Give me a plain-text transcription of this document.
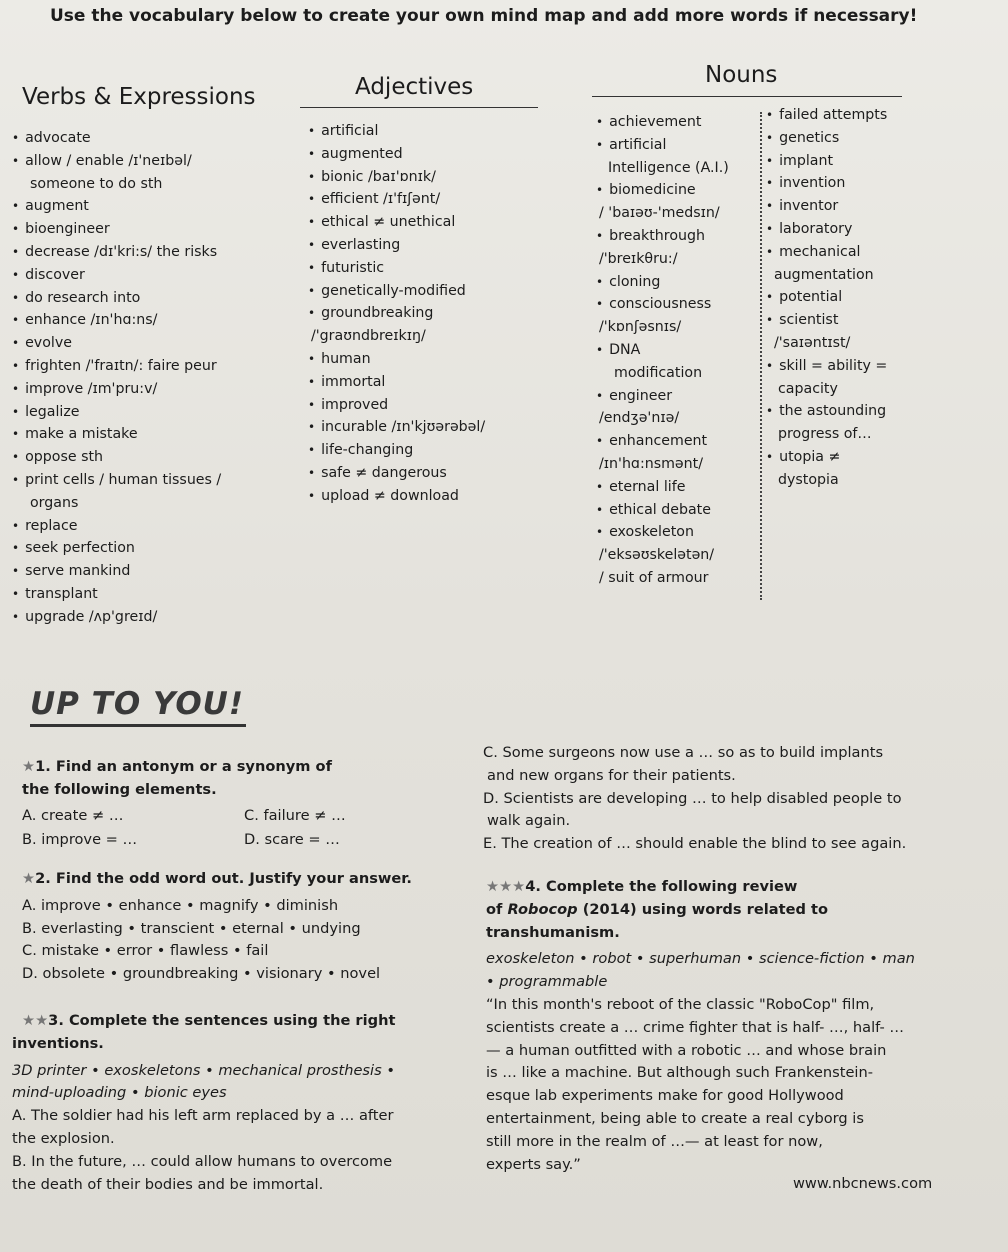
Use the vocabulary below to create your own mind map and add more words if necessary!
Verbs & Expressions	Adjectives	Nouns
• advocate
• allow / enable /ɪ'neɪbəl/
someone to do sth
• augment
• bioengineer
• decrease /dɪ'kri:s/ the risks
• discover
• do research into
• enhance /ɪn'hɑ:ns/
• evolve
• frighten /'fraɪtn/: faire peur
• improve /ɪm'pru:v/
• legalize
• make a mistake
• oppose sth
• print cells / human tissues /
organs
• replace
• seek perfection
• serve mankind
• transplant
• upgrade /ʌp'greɪd/
• artificial
• augmented
• bionic /baɪ'ɒnɪk/
• efficient /ɪ'fɪʃənt/
• ethical ≠ unethical
• everlasting
• futuristic
• genetically-modified
• groundbreaking
/'graʊndbreɪkɪŋ/
• human
• immortal
• improved
• incurable /ɪn'kjʊərəbəl/
• life-changing
• safe ≠ dangerous
• upload ≠ download
• achievement
• artificial
Intelligence (A.I.)
• biomedicine
/ 'baɪəʊ-'medsɪn/
• breakthrough
/'breɪkθru:/
• cloning
• consciousness
/'kɒnʃəsnɪs/
• DNA
modification
• engineer
/endʒə'nɪə/
• enhancement
/ɪn'hɑ:nsmənt/
• eternal life
• ethical debate
• exoskeleton
/'eksəʊskelətən/
/ suit of armour
• failed attempts
• genetics
• implant
• invention
• inventor
• laboratory
• mechanical
augmentation
• potential
• scientist
/'saɪəntɪst/
• skill = ability =
capacity
• the astounding
progress of…
• utopia ≠
dystopia
UP TO YOU!
★1. Find an antonym or a synonym of
the following elements.
A. create ≠ …	C. failure ≠ …
B. improve = …	D. scare = …
★2. Find the odd word out. Justify your answer.
A. improve • enhance • magnify • diminish
B. everlasting • transcient • eternal • undying
C. mistake • error • flawless • fail
D. obsolete • groundbreaking • visionary • novel
★★3. Complete the sentences using the right
inventions.
3D printer • exoskeletons • mechanical prosthesis •
mind-uploading • bionic eyes
A. The soldier had his left arm replaced by a … after
the explosion.
B. In the future, … could allow humans to overcome
the death of their bodies and be immortal.
C. Some surgeons now use a … so as to build implants
and new organs for their patients.
D. Scientists are developing … to help disabled people to
walk again.
E. The creation of … should enable the blind to see again.
★★★4. Complete the following review
of Robocop (2014) using words related to
transhumanism.
exoskeleton • robot • superhuman • science-fiction • man
• programmable
“In this month's reboot of the classic "RoboCop" film,
scientists create a … crime fighter that is half- …, half- …
— a human outfitted with a robotic … and whose brain
is … like a machine. But although such Frankenstein-
esque lab experiments make for good Hollywood
entertainment, being able to create a real cyborg is
still more in the realm of …— at least for now,
experts say.”
www.nbcnews.com
